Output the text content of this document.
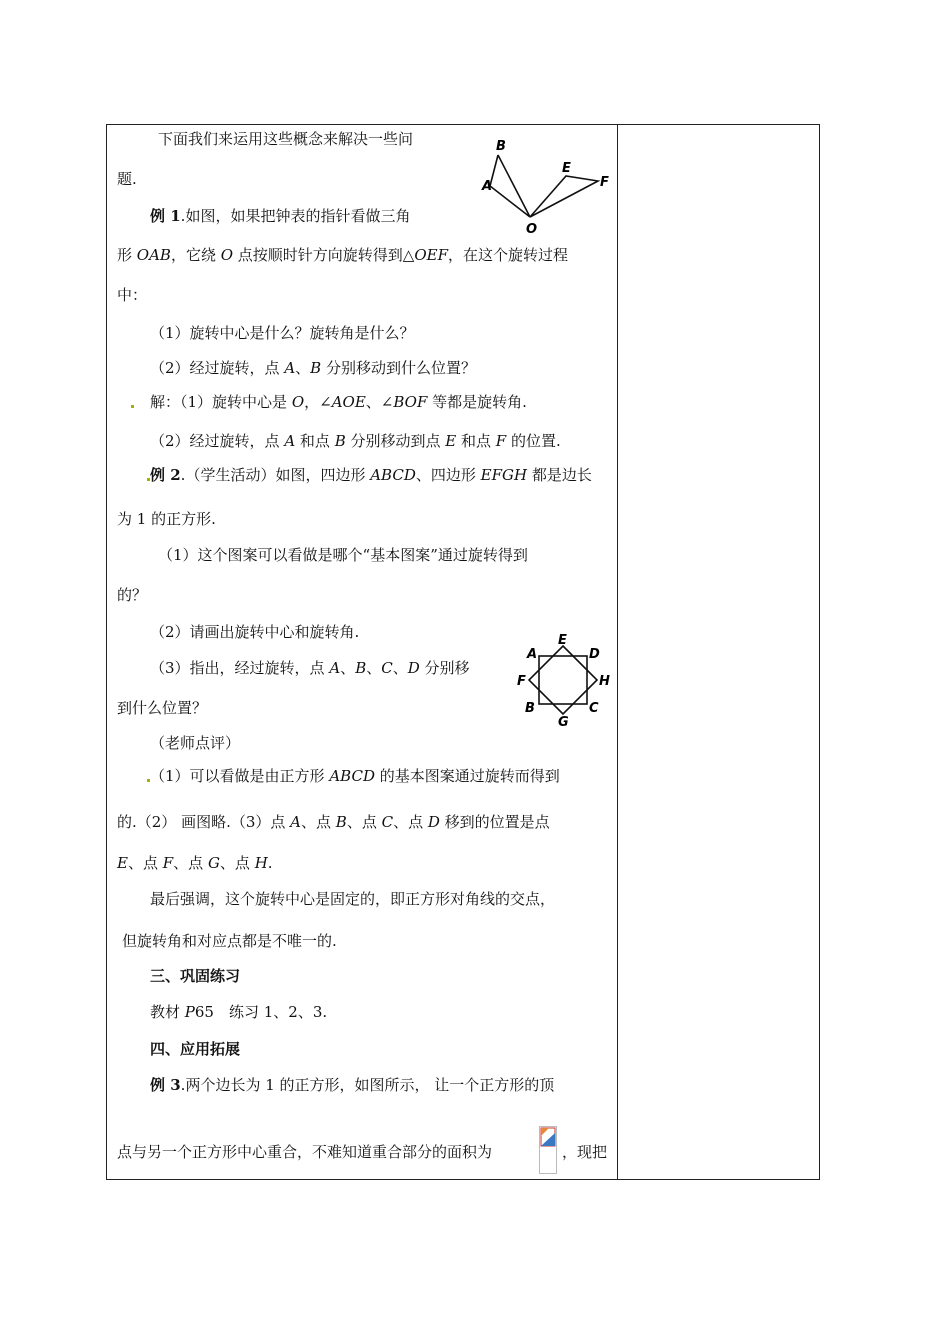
B
A
E
F
O
E
A	D
F	H
B
G
C
下面我们来运用这些概念来解决一些问
题.
例 1.如图，如果把钟表的指针看做三角
形 OAB，它绕 O 点按顺时针方向旋转得到△OEF，在这个旋转过程
中：
（1）旋转中心是什么？旋转角是什么？
（2）经过旋转，点 A、B 分别移动到什么位置？
解：（1）旋转中心是 O，∠AOE、∠BOF 等都是旋转角.
（2）经过旋转，点 A 和点 B 分别移动到点 E 和点 F 的位置.
例 2.（学生活动）如图，四边形 ABCD、四边形 EFGH 都是边长
为 1 的正方形.
（1）这个图案可以看做是哪个“基本图案”通过旋转得到
的？
（2）请画出旋转中心和旋转角.
（3）指出，经过旋转，点 A、B、C、D 分别移
到什么位置？
（老师点评）
（1）可以看做是由正方形 ABCD 的基本图案通过旋转而得到
的.（2） 画图略.（3）点 A、点 B、点 C、点 D 移到的位置是点
E、点 F、点 G、点 H.
最后强调，这个旋转中心是固定的，即正方形对角线的交点，
但旋转角和对应点都是不唯一的.
三、巩固练习
教材 P65　练习 1、2、3.
四、应用拓展
例 3.两个边长为 1 的正方形，如图所示， 让一个正方形的顶
点与另一个正方形中心重合，不难知道重合部分的面积为	，现把
